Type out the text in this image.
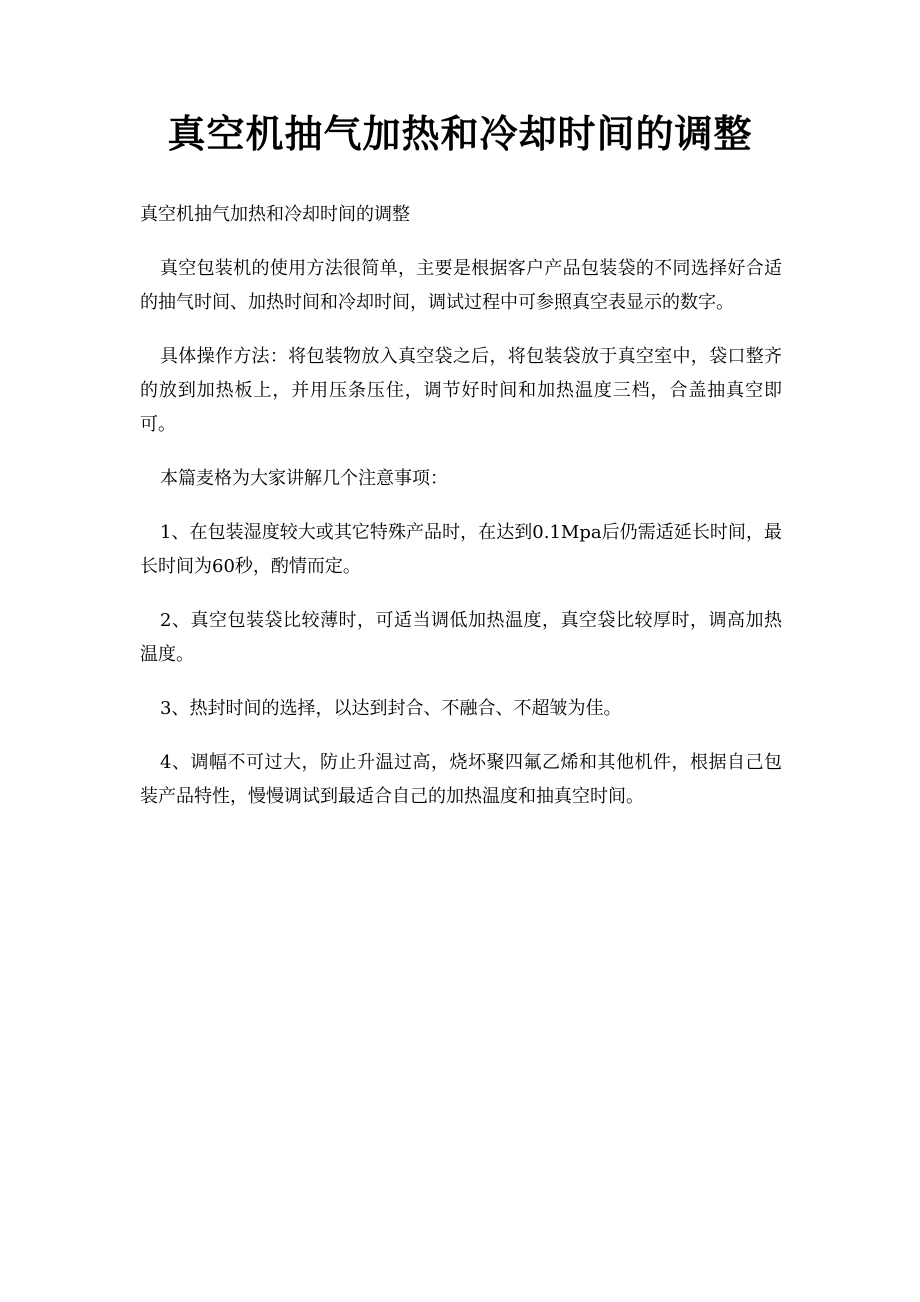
真空机抽气加热和冷却时间的调整

真空机抽气加热和冷却时间的调整

真空包装机的使用方法很简单，主要是根据客户产品包装袋的不同选择好合适的抽气时间、加热时间和冷却时间，调试过程中可参照真空表显示的数字。

具体操作方法：将包装物放入真空袋之后，将包装袋放于真空室中，袋口整齐的放到加热板上，并用压条压住，调节好时间和加热温度三档，合盖抽真空即可。

本篇麦格为大家讲解几个注意事项：

1、在包装湿度较大或其它特殊产品时，在达到0.1Mpa后仍需适延长时间，最长时间为60秒，酌情而定。

2、真空包装袋比较薄时，可适当调低加热温度，真空袋比较厚时，调高加热温度。

3、热封时间的选择，以达到封合、不融合、不超皱为佳。

4、调幅不可过大，防止升温过高，烧坏聚四氟乙烯和其他机件，根据自己包装产品特性，慢慢调试到最适合自己的加热温度和抽真空时间。
